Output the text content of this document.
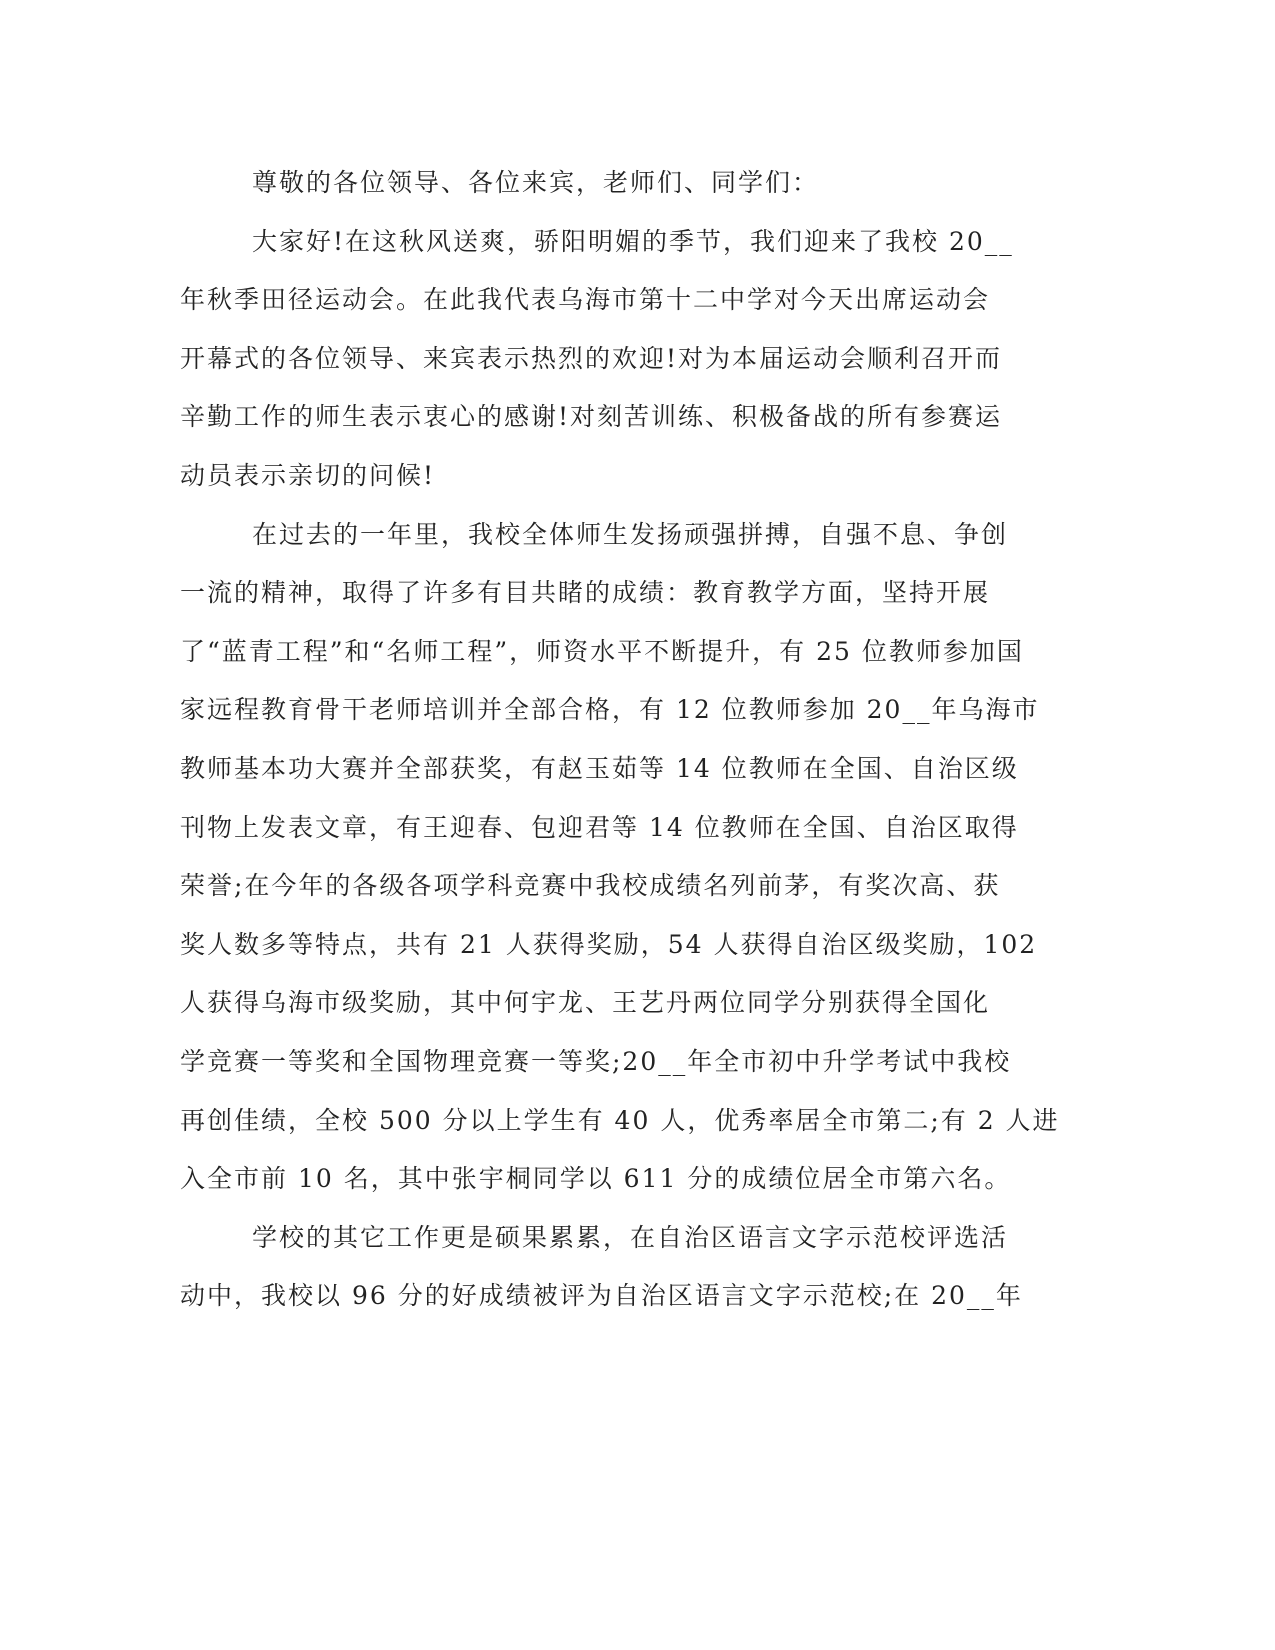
尊敬的各位领导、各位来宾，老师们、同学们：
大家好!在这秋风送爽，骄阳明媚的季节，我们迎来了我校 20__
年秋季田径运动会。在此我代表乌海市第十二中学对今天出席运动会
开幕式的各位领导、来宾表示热烈的欢迎!对为本届运动会顺利召开而
辛勤工作的师生表示衷心的感谢!对刻苦训练、积极备战的所有参赛运
动员表示亲切的问候!
在过去的一年里，我校全体师生发扬顽强拼搏，自强不息、争创
一流的精神，取得了许多有目共睹的成绩：教育教学方面，坚持开展
了“蓝青工程”和“名师工程”，师资水平不断提升，有 25 位教师参加国
家远程教育骨干老师培训并全部合格，有 12 位教师参加 20__年乌海市
教师基本功大赛并全部获奖，有赵玉茹等 14 位教师在全国、自治区级
刊物上发表文章，有王迎春、包迎君等 14 位教师在全国、自治区取得
荣誉;在今年的各级各项学科竞赛中我校成绩名列前茅，有奖次高、获
奖人数多等特点，共有 21 人获得奖励，54 人获得自治区级奖励，102
人获得乌海市级奖励，其中何宇龙、王艺丹两位同学分别获得全国化
学竞赛一等奖和全国物理竞赛一等奖;20__年全市初中升学考试中我校
再创佳绩，全校 500 分以上学生有 40 人，优秀率居全市第二;有 2 人进
入全市前 10 名，其中张宇桐同学以 611 分的成绩位居全市第六名。
学校的其它工作更是硕果累累，在自治区语言文字示范校评选活
动中，我校以 96 分的好成绩被评为自治区语言文字示范校;在 20__年
